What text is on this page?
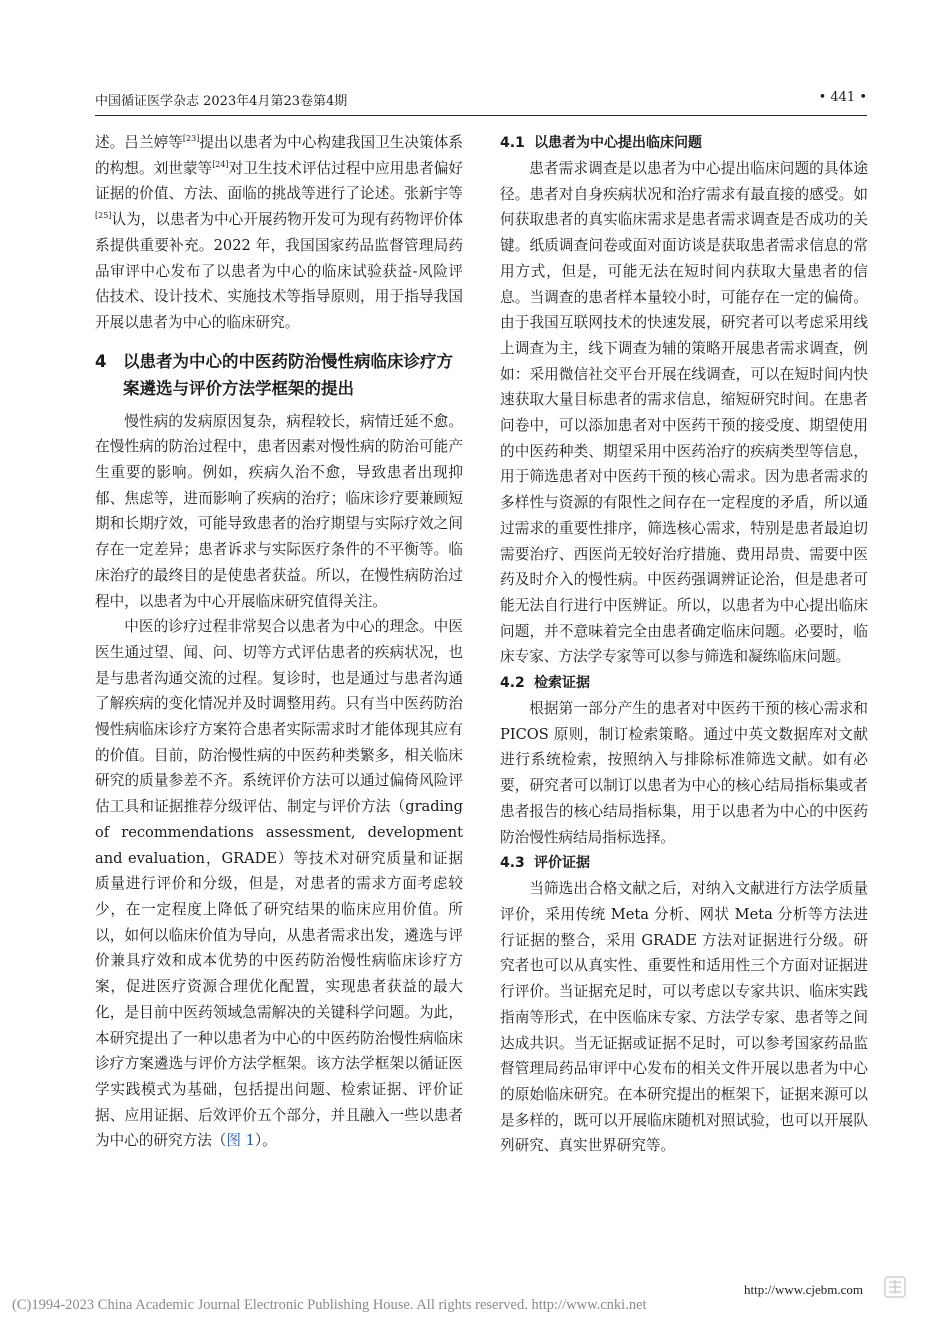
中国循证医学杂志 2023年4月第23卷第4期	• 441 •

述。吕兰婷等[23]提出以患者为中心构建我国卫生决策体系的构想。刘世蒙等[24]对卫生技术评估过程中应用患者偏好证据的价值、方法、面临的挑战等进行了论述。张新宇等[25]认为，以患者为中心开展药物开发可为现有药物评价体系提供重要补充。2022 年，我国国家药品监督管理局药品审评中心发布了以患者为中心的临床试验获益-风险评估技术、设计技术、实施技术等指导原则，用于指导我国开展以患者为中心的临床研究。

4	以患者为中心的中医药防治慢性病临床诊疗方案遴选与评价方法学框架的提出

慢性病的发病原因复杂，病程较长，病情迁延不愈。在慢性病的防治过程中，患者因素对慢性病的防治可能产生重要的影响。例如，疾病久治不愈，导致患者出现抑郁、焦虑等，进而影响了疾病的治疗；临床诊疗要兼顾短期和长期疗效，可能导致患者的治疗期望与实际疗效之间存在一定差异；患者诉求与实际医疗条件的不平衡等。临床治疗的最终目的是使患者获益。所以，在慢性病防治过程中，以患者为中心开展临床研究值得关注。

中医的诊疗过程非常契合以患者为中心的理念。中医医生通过望、闻、问、切等方式评估患者的疾病状况，也是与患者沟通交流的过程。复诊时，也是通过与患者沟通了解疾病的变化情况并及时调整用药。只有当中医药防治慢性病临床诊疗方案符合患者实际需求时才能体现其应有的价值。目前，防治慢性病的中医药种类繁多，相关临床研究的质量参差不齐。系统评价方法可以通过偏倚风险评估工具和证据推荐分级评估、制定与评价方法（grading of recommendations assessment, development and evaluation，GRADE）等技术对研究质量和证据质量进行评价和分级，但是，对患者的需求方面考虑较少，在一定程度上降低了研究结果的临床应用价值。所以，如何以临床价值为导向，从患者需求出发，遴选与评价兼具疗效和成本优势的中医药防治慢性病临床诊疗方案，促进医疗资源合理优化配置，实现患者获益的最大化，是目前中医药领域急需解决的关键科学问题。为此，本研究提出了一种以患者为中心的中医药防治慢性病临床诊疗方案遴选与评价方法学框架。该方法学框架以循证医学实践模式为基础，包括提出问题、检索证据、评价证据、应用证据、后效评价五个部分，并且融入一些以患者为中心的研究方法（图 1）。

4.1 以患者为中心提出临床问题

患者需求调查是以患者为中心提出临床问题的具体途径。患者对自身疾病状况和治疗需求有最直接的感受。如何获取患者的真实临床需求是患者需求调查是否成功的关键。纸质调查问卷或面对面访谈是获取患者需求信息的常用方式，但是，可能无法在短时间内获取大量患者的信息。当调查的患者样本量较小时，可能存在一定的偏倚。由于我国互联网技术的快速发展，研究者可以考虑采用线上调查为主，线下调查为辅的策略开展患者需求调查，例如：采用微信社交平台开展在线调查，可以在短时间内快速获取大量目标患者的需求信息，缩短研究时间。在患者问卷中，可以添加患者对中医药干预的接受度、期望使用的中医药种类、期望采用中医药治疗的疾病类型等信息，用于筛选患者对中医药干预的核心需求。因为患者需求的多样性与资源的有限性之间存在一定程度的矛盾，所以通过需求的重要性排序，筛选核心需求，特别是患者最迫切需要治疗、西医尚无较好治疗措施、费用昂贵、需要中医药及时介入的慢性病。中医药强调辨证论治，但是患者可能无法自行进行中医辨证。所以，以患者为中心提出临床问题，并不意味着完全由患者确定临床问题。必要时，临床专家、方法学专家等可以参与筛选和凝练临床问题。

4.2 检索证据

根据第一部分产生的患者对中医药干预的核心需求和 PICOS 原则，制订检索策略。通过中英文数据库对文献进行系统检索，按照纳入与排除标准筛选文献。如有必要，研究者可以制订以患者为中心的核心结局指标集或者患者报告的核心结局指标集，用于以患者为中心的中医药防治慢性病结局指标选择。

4.3 评价证据

当筛选出合格文献之后，对纳入文献进行方法学质量评价，采用传统 Meta 分析、网状 Meta 分析等方法进行证据的整合，采用 GRADE 方法对证据进行分级。研究者也可以从真实性、重要性和适用性三个方面对证据进行评价。当证据充足时，可以考虑以专家共识、临床实践指南等形式，在中医临床专家、方法学专家、患者等之间达成共识。当无证据或证据不足时，可以参考国家药品监督管理局药品审评中心发布的相关文件开展以患者为中心的原始临床研究。在本研究提出的框架下，证据来源可以是多样的，既可以开展临床随机对照试验，也可以开展队列研究、真实世界研究等。

http://www.cjebm.com
(C)1994-2023 China Academic Journal Electronic Publishing House. All rights reserved. http://www.cnki.net
